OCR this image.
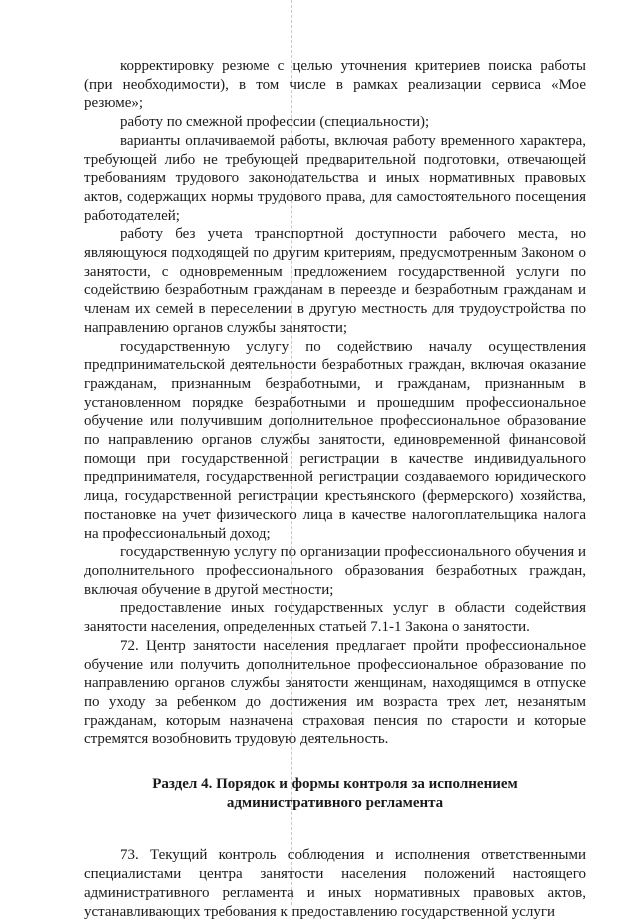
корректировку резюме с целью уточнения критериев поиска работы (при необходимости), в том числе в рамках реализации сервиса «Мое резюме»;

работу по смежной профессии (специальности);

варианты оплачиваемой работы, включая работу временного характера, требующей либо не требующей предварительной подготовки, отвечающей требованиям трудового законодательства и иных нормативных правовых актов, содержащих нормы трудового права, для самостоятельного посещения работодателей;

работу без учета транспортной доступности рабочего места, но являющуюся подходящей по другим критериям, предусмотренным Законом о занятости, с одновременным предложением государственной услуги по содействию безработным гражданам в переезде и безработным гражданам и членам их семей в переселении в другую местность для трудоустройства по направлению органов службы занятости;

государственную услугу по содействию началу осуществления предпринимательской деятельности безработных граждан, включая оказание гражданам, признанным безработными, и гражданам, признанным в установленном порядке безработными и прошедшим профессиональное обучение или получившим дополнительное профессиональное образование по направлению органов службы занятости, единовременной финансовой помощи при государственной регистрации в качестве индивидуального предпринимателя, государственной регистрации создаваемого юридического лица, государственной регистрации крестьянского (фермерского) хозяйства, постановке на учет физического лица в качестве налогоплательщика налога на профессиональный доход;

государственную услугу по организации профессионального обучения и дополнительного профессионального образования безработных граждан, включая обучение в другой местности;

предоставление иных государственных услуг в области содействия занятости населения, определенных статьей 7.1-1 Закона о занятости.

72. Центр занятости населения предлагает пройти профессиональное обучение или получить дополнительное профессиональное образование по направлению органов службы занятости женщинам, находящимся в отпуске по уходу за ребенком до достижения им возраста трех лет, незанятым гражданам, которым назначена страховая пенсия по старости и которые стремятся возобновить трудовую деятельность.

Раздел 4. Порядок и формы контроля за исполнением административного регламента

73. Текущий контроль соблюдения и исполнения ответственными специалистами центра занятости населения положений настоящего административного регламента и иных нормативных правовых актов, устанавливающих требования к предоставлению государственной услуги
